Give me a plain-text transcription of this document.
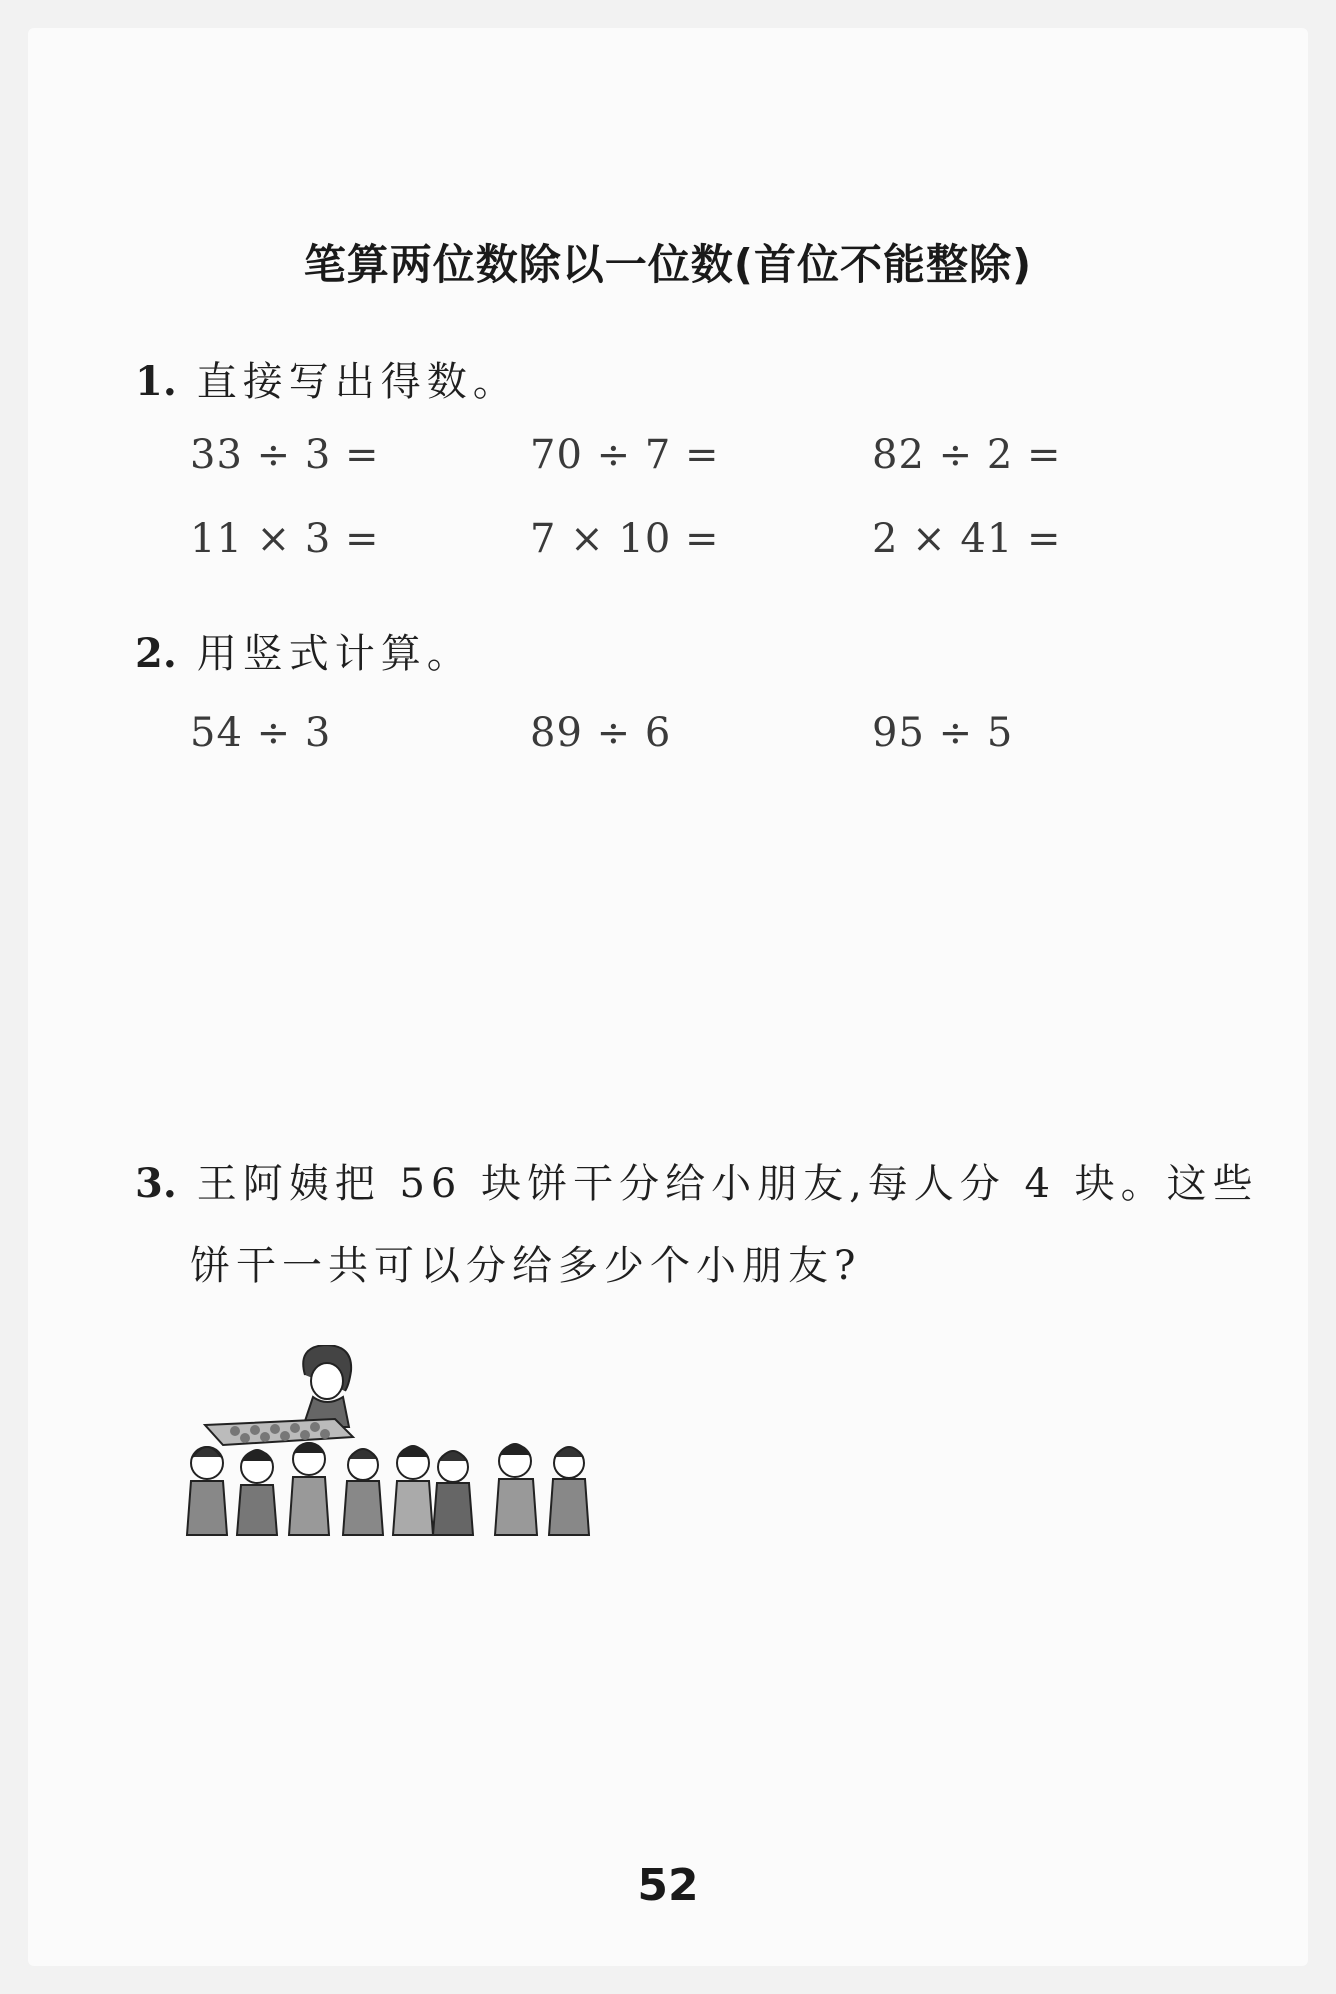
笔算两位数除以一位数(首位不能整除)
1. 直接写出得数。
33 ÷ 3 =	70 ÷ 7 =	82 ÷ 2 =
11 × 3 =	7 × 10 =	2 × 41 =
2. 用竖式计算。
54 ÷ 3	89 ÷ 6	95 ÷ 5
3. 王阿姨把 56 块饼干分给小朋友,每人分 4 块。这些
饼干一共可以分给多少个小朋友?
52
